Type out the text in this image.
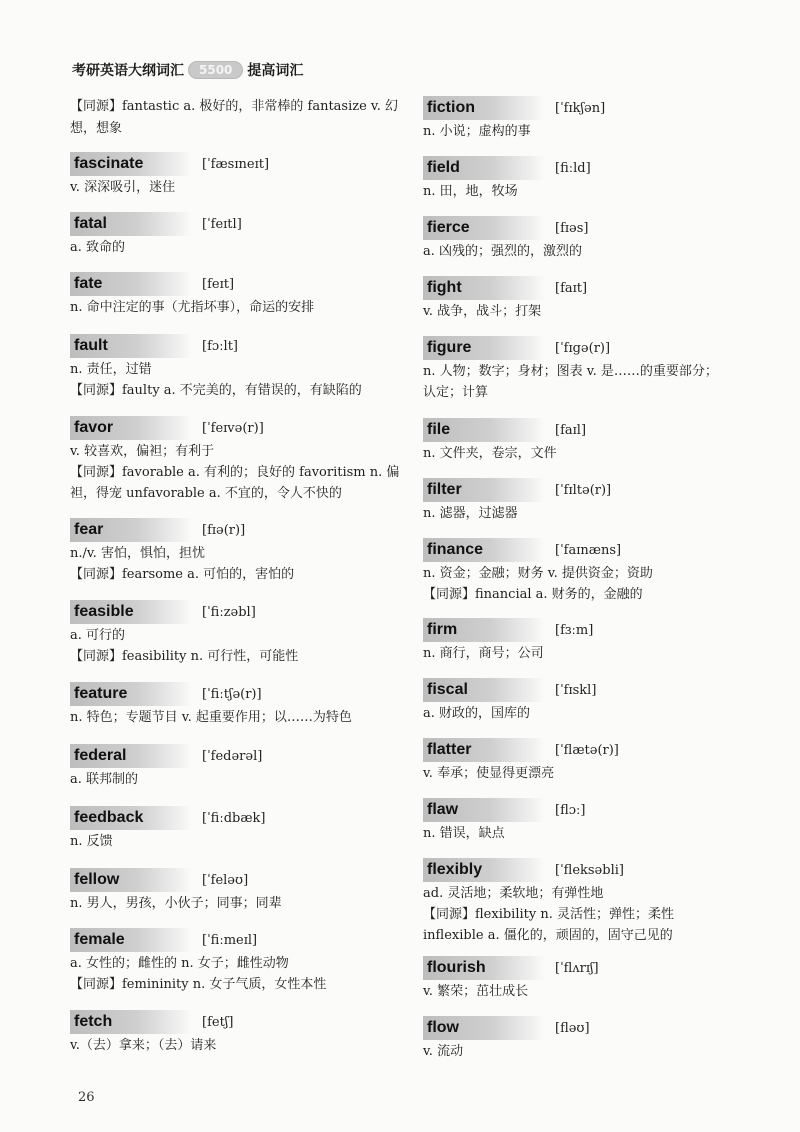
考研英语大纲词汇	5500	提高词汇
【同源】fantastic a. 极好的，非常棒的 fantasize v. 幻
想，想象
fascinate	[ˈfæsɪneɪt]
v. 深深吸引，迷住
fatal	[ˈfeɪtl]
a. 致命的
fate	[feɪt]
n. 命中注定的事（尤指坏事），命运的安排
fault	[fɔːlt]
n. 责任，过错
【同源】faulty a. 不完美的，有错误的，有缺陷的
favor	[ˈfeɪvə(r)]
v. 较喜欢，偏袒；有利于
【同源】favorable a. 有利的；良好的 favoritism n. 偏
袒，得宠 unfavorable a. 不宜的，令人不快的
fear	[fɪə(r)]
n./v. 害怕，惧怕，担忧
【同源】fearsome a. 可怕的，害怕的
feasible	[ˈfiːzəbl]
a. 可行的
【同源】feasibility n. 可行性，可能性
feature	[ˈfiːtʃə(r)]
n. 特色；专题节目 v. 起重要作用；以……为特色
federal	[ˈfedərəl]
a. 联邦制的
feedback	[ˈfiːdbæk]
n. 反馈
fellow	[ˈfeləʊ]
n. 男人，男孩，小伙子；同事；同辈
female	[ˈfiːmeɪl]
a. 女性的；雌性的 n. 女子；雌性动物
【同源】femininity n. 女子气质，女性本性
fetch	[fetʃ]
v.（去）拿来；（去）请来
fiction	[ˈfɪkʃən]
n. 小说；虚构的事
field	[fiːld]
n. 田，地，牧场
fierce	[fɪəs]
a. 凶残的；强烈的，激烈的
fight	[faɪt]
v. 战争，战斗；打架
figure	[ˈfɪgə(r)]
n. 人物；数字；身材；图表 v. 是……的重要部分；
认定；计算
file	[faɪl]
n. 文件夹，卷宗，文件
filter	[ˈfɪltə(r)]
n. 滤器，过滤器
finance	[ˈfaɪnæns]
n. 资金；金融；财务 v. 提供资金；资助
【同源】financial a. 财务的，金融的
firm	[fɜːm]
n. 商行，商号；公司
fiscal	[ˈfɪskl]
a. 财政的，国库的
flatter	[ˈflætə(r)]
v. 奉承；使显得更漂亮
flaw	[flɔː]
n. 错误，缺点
flexibly	[ˈfleksəbli]
ad. 灵活地；柔软地；有弹性地
【同源】flexibility n. 灵活性；弹性；柔性
inflexible a. 僵化的，顽固的，固守己见的
flourish	[ˈflʌrɪʃ]
v. 繁荣；茁壮成长
flow	[fləʊ]
v. 流动
26
